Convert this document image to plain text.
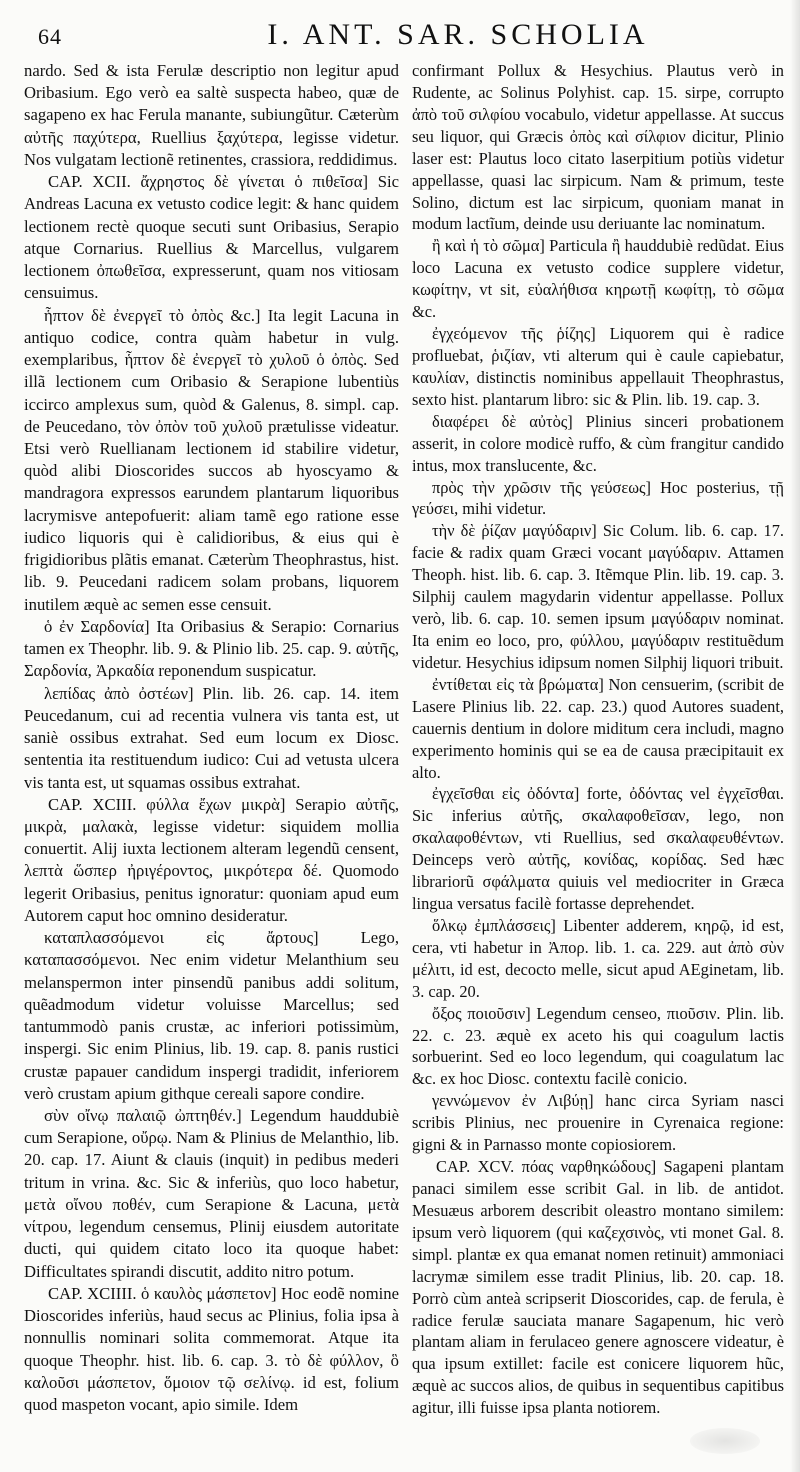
64	I. ANT. SAR. SCHOLIA

nardo. Sed & ista Ferulæ descriptio non legitur apud Oribasium. Ego verò ea saltè suspecta habeo, quæ de sagapeno ex hac Ferula manante, subiungũtur. Cæterùm αὐτῆς παχύτερα, Ruellius ξαχύτερα, legisse videtur. Nos vulgatam lectionẽ retinentes, crassiora, reddidimus.

CAP. XCII. ἄχρηστος δὲ γίνεται ὁ πιθεῖσα] Sic Andreas Lacuna ex vetusto codice legit: & hanc quidem lectionem rectè quoque secuti sunt Oribasius, Serapio atque Cornarius. Ruellius & Marcellus, vulgarem lectionem ὀπωθεῖσα, expresserunt, quam nos vitiosam censuimus.

ἧπτον δὲ ἐνεργεῖ τὸ ὀπὸς &c.] Ita legit Lacuna in antiquo codice, contra quàm habetur in vulg. exemplaribus, ἧπτον δὲ ἐνεργεῖ τὸ χυλοῦ ὁ ὀπὸς. Sed illã lectionem cum Oribasio & Serapione lubentiùs iccirco amplexus sum, quòd & Galenus, 8. simpl. cap. de Peucedano, τὸν ὀπὸν τοῦ χυλοῦ prætulisse videatur. Etsi verò Ruellianam lectionem id stabilire videtur, quòd alibi Dioscorides succos ab hyoscyamo & mandragora expressos earundem plantarum liquoribus lacrymisve antepofuerit: aliam tamẽ ego ratione esse iudico liquoris qui è calidioribus, & eius qui è frigidioribus plãtis emanat. Cæterùm Theophrastus, hist. lib. 9. Peucedani radicem solam probans, liquorem inutilem æquè ac semen esse censuit.

ὁ ἐν Σαρδονία] Ita Oribasius & Serapio: Cornarius tamen ex Theophr. lib. 9. & Plinio lib. 25. cap. 9. αὐτῆς, Σαρδονία, Ἀρκαδία reponendum suspicatur.

λεπίδας ἀπὸ ὀστέων] Plin. lib. 26. cap. 14. item Peucedanum, cui ad recentia vulnera vis tanta est, ut saniè ossibus extrahat. Sed eum locum ex Diosc. sententia ita restituendum iudico: Cui ad vetusta ulcera vis tanta est, ut squamas ossibus extrahat.

CAP. XCIII. φύλλα ἔχων μικρὰ] Serapio αὐτῆς, μικρὰ, μαλακὰ, legisse videtur: siquidem mollia conuertit. Alij iuxta lectionem alteram legendũ censent, λεπτὰ ὥσπερ ἠριγέροντος, μικρότερα δέ. Quomodo legerit Oribasius, penitus ignoratur: quoniam apud eum Autorem caput hoc omnino desideratur.

καταπλασσόμενοι εἰς ἄρτους] Lego, καταπασσόμενοι. Nec enim videtur Melanthium seu melanspermon inter pinsendũ panibus addi solitum, quẽadmodum videtur voluisse Marcellus; sed tantummodò panis crustæ, ac inferiori potissimùm, inspergi. Sic enim Plinius, lib. 19. cap. 8. panis rustici crustæ papauer candidum inspergi tradidit, inferiorem verò crustam apium githque cereali sapore condire.

σὺν οἴνῳ παλαιῷ ὠπτηθέν.] Legendum hauddubiè cum Serapione, οὔρῳ. Nam & Plinius de Melanthio, lib. 20. cap. 17. Aiunt & clauis (inquit) in pedibus mederi tritum in vrina. &c. Sic & inferiùs, quo loco habetur, μετὰ οἴνου ποθέν, cum Serapione & Lacuna, μετὰ νίτρου, legendum censemus, Plinij eiusdem autoritate ducti, qui quidem citato loco ita quoque habet: Difficultates spirandi discutit, addito nitro potum.

CAP. XCIIII. ὁ καυλὸς μάσπετον] Hoc eodẽ nomine Dioscorides inferiùs, haud secus ac Plinius, folia ipsa à nonnullis nominari solita commemorat. Atque ita quoque Theophr. hist. lib. 6. cap. 3. τὸ δὲ φύλλον, ὃ καλοῦσι μάσπετον, ὅμοιον τῷ σελίνῳ. id est, folium quod maspeton vocant, apio simile. Idem

confirmant Pollux & Hesychius. Plautus verò in Rudente, ac Solinus Polyhist. cap. 15. sirpe, corrupto ἀπὸ τοῦ σιλφίου vocabulo, videtur appellasse. At succus seu liquor, qui Græcis ὀπὸς καὶ σίλφιον dicitur, Plinio laser est: Plautus loco citato laserpitium potiùs videtur appellasse, quasi lac sirpicum. Nam & primum, teste Solino, dictum est lac sirpicum, quoniam manat in modum lactĩum, deinde usu deriuante lac nominatum.

ἢ καὶ ἡ τὸ σῶμα] Particula ἢ hauddubiè redũdat. Eius loco Lacuna ex vetusto codice supplere videtur, κωφίτην, vt sit, εὐαλήθισα κηρωτῇ κωφίτῃ, τὸ σῶμα &c.

ἐγχεόμενον τῆς ῥίζης] Liquorem qui è radice profluebat, ῥιζίαν, vti alterum qui è caule capiebatur, καυλίαν, distinctis nominibus appellauit Theophrastus, sexto hist. plantarum libro: sic & Plin. lib. 19. cap. 3.

διαφέρει δὲ αὐτὸς] Plinius sinceri probationem asserit, in colore modicè ruffo, & cùm frangitur candido intus, mox translucente, &c.

πρὸς τὴν χρῶσιν τῆς γεύσεως] Hoc posterius, τῇ γεύσει, mihi videtur.

τὴν δὲ ῥίζαν μαγύδαριν] Sic Colum. lib. 6. cap. 17. facie & radix quam Græci vocant μαγύδαριν. Attamen Theoph. hist. lib. 6. cap. 3. Itẽmque Plin. lib. 19. cap. 3. Silphij caulem magydarin videntur appellasse. Pollux verò, lib. 6. cap. 10. semen ipsum μαγύδαριν nominat. Ita enim eo loco, pro, φύλλου, μαγύδαριν restituẽdum videtur. Hesychius idipsum nomen Silphij liquori tribuit.

ἐντίθεται εἰς τὰ βρώματα] Non censuerim, (scribit de Lasere Plinius lib. 22. cap. 23.) quod Autores suadent, cauernis dentium in dolore miditum cera includi, magno experimento hominis qui se ea de causa præcipitauit ex alto.

ἐγχεῖσθαι εἰς ὀδόντα] forte, ὀδόντας vel ἐγχεῖσθαι. Sic inferius αὐτῆς, σκαλαφοθεῖσαν, lego, non σκαλαφοθέντων, vti Ruellius, sed σκαλαφευθέντων. Deinceps verò αὐτῆς, κονίδας, κορίδας. Sed hæc librariorũ σφάλματα quiuis vel mediocriter in Græca lingua versatus facilè fortasse deprehendet.

ὅλκῳ ἐμπλάσσεις] Libenter adderem, κηρῷ, id est, cera, vti habetur in Ἀπορ. lib. 1. ca. 229. aut ἀπὸ σὺν μέλιτι, id est, decocto melle, sicut apud AEginetam, lib. 3. cap. 20.

ὄξος ποιοῦσιν] Legendum censeo, πιοῦσιν. Plin. lib. 22. c. 23. æquè ex aceto his qui coagulum lactis sorbuerint. Sed eo loco legendum, qui coagulatum lac &c. ex hoc Diosc. contextu facilè conicio.

γεννώμενον ἐν Λιβύῃ] hanc circa Syriam nasci scribis Plinius, nec prouenire in Cyrenaica regione: gigni & in Parnasso monte copiosiorem.

CAP. XCV. πόας ναρθηκώδους] Sagapeni plantam panaci similem esse scribit Gal. in lib. de antidot. Mesuæus arborem describit oleastro montano similem: ipsum verò liquorem (qui καζεχσινὸς, vti monet Gal. 8. simpl. plantæ ex qua emanat nomen retinuit) ammoniaci lacrymæ similem esse tradit Plinius, lib. 20. cap. 18. Porrò cùm anteà scripserit Dioscorides, cap. de ferula, è radice ferulæ sauciata manare Sagapenum, hic verò plantam aliam in ferulaceo genere agnoscere videatur, è qua ipsum extillet: facile est conicere liquorem hũc, æquè ac succos alios, de quibus in sequentibus capitibus agitur, illi fuisse ipsa planta notiorem.
